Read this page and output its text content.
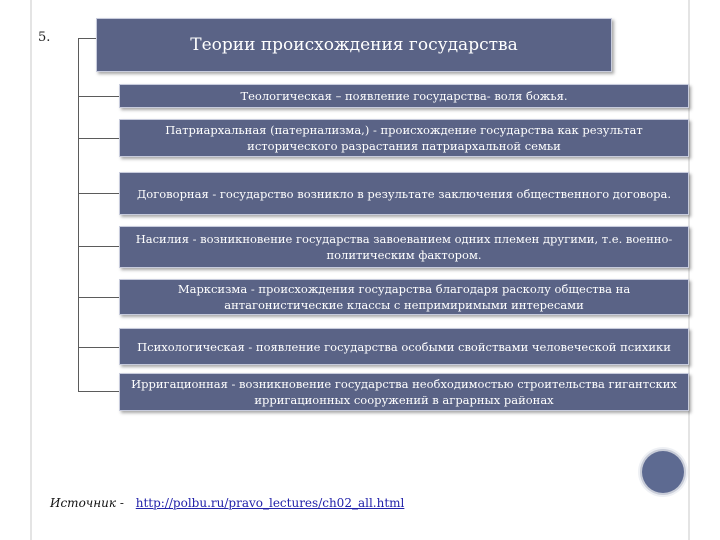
5.	Теории происхождения государства
Теологическая – появление государства- воля божья.
Патриархальная (патернализма,) - происхождение государства как результат исторического разрастания патриархальной семьи
Договорная - государство возникло в результате заключения общественного договора.
Насилия - возникновение государства завоеванием одних племен другими, т.е. военно-политическим фактором.
Марксизма - происхождения государства благодаря расколу общества на антагонистические классы с непримиримыми интересами
Психологическая - появление государства особыми свойствами человеческой психики
Ирригационная - возникновение государства необходимостью строительства гигантских ирригационных сооружений в аграрных районах
Источник - http://polbu.ru/pravo_lectures/ch02_all.html
